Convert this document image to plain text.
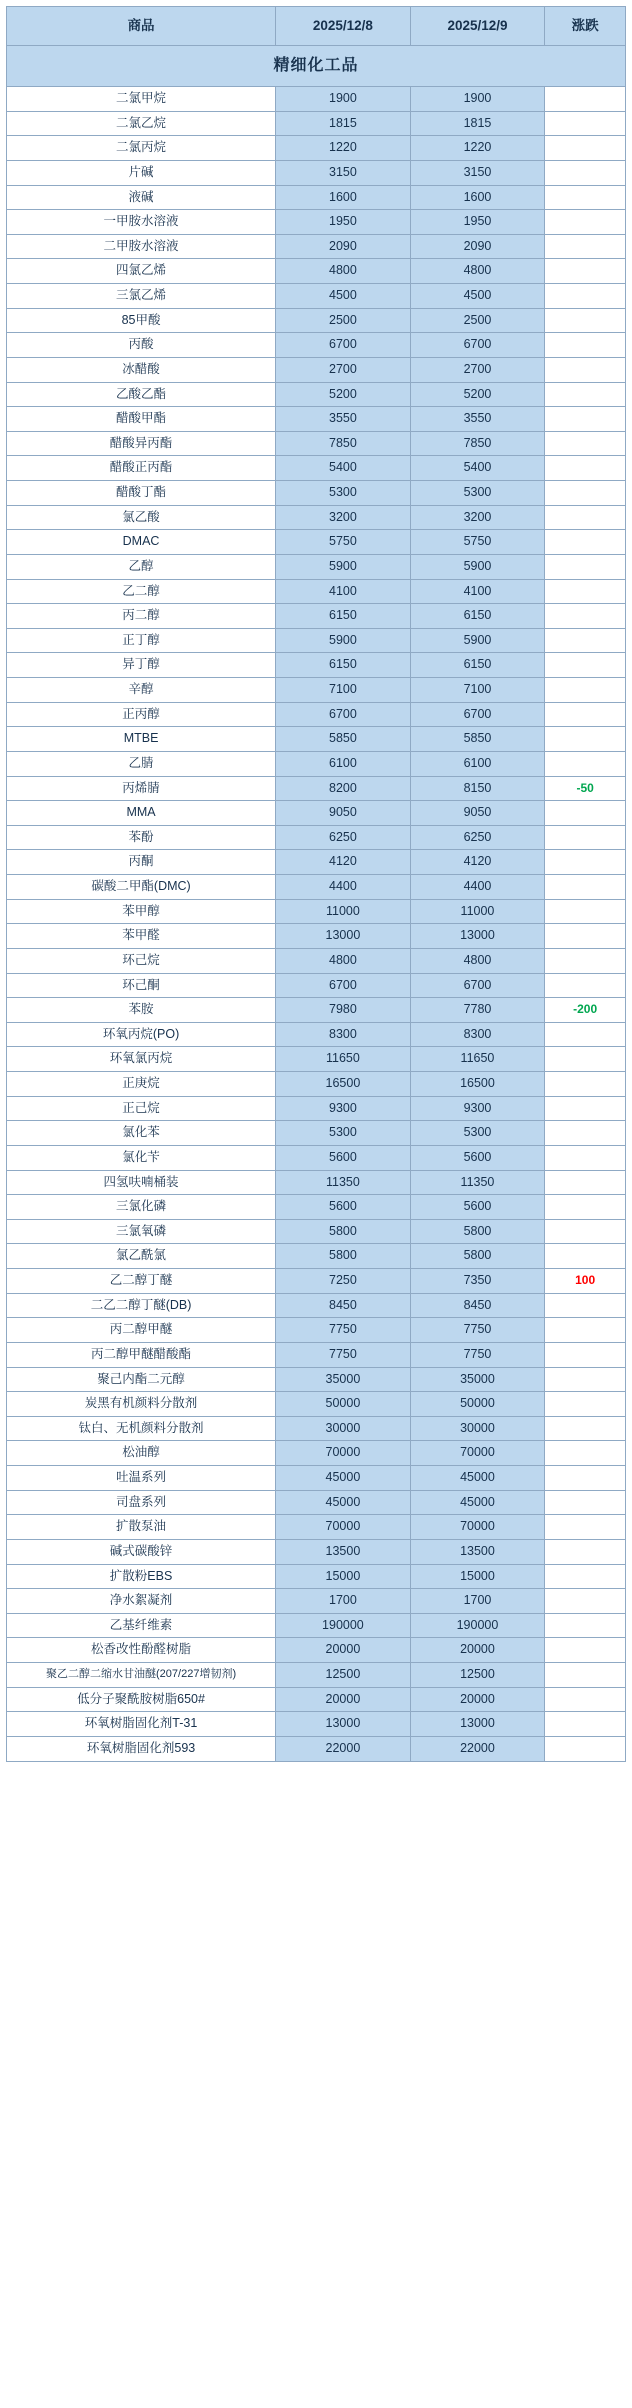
商品	2025/12/8	2025/12/9	涨跌
精细化工品			
二氯甲烷	1900	1900	
二氯乙烷	1815	1815	
二氯丙烷	1220	1220	
片碱	3150	3150	
液碱	1600	1600	
一甲胺水溶液	1950	1950	
二甲胺水溶液	2090	2090	
四氯乙烯	4800	4800	
三氯乙烯	4500	4500	
85甲酸	2500	2500	
丙酸	6700	6700	
冰醋酸	2700	2700	
乙酸乙酯	5200	5200	
醋酸甲酯	3550	3550	
醋酸异丙酯	7850	7850	
醋酸正丙酯	5400	5400	
醋酸丁酯	5300	5300	
氯乙酸	3200	3200	
DMAC	5750	5750	
乙醇	5900	5900	
乙二醇	4100	4100	
丙二醇	6150	6150	
正丁醇	5900	5900	
异丁醇	6150	6150	
辛醇	7100	7100	
正丙醇	6700	6700	
MTBE	5850	5850	
乙腈	6100	6100	
丙烯腈	8200	8150	-50
MMA	9050	9050	
苯酚	6250	6250	
丙酮	4120	4120	
碳酸二甲酯(DMC)	4400	4400	
苯甲醇	11000	11000	
苯甲醛	13000	13000	
环己烷	4800	4800	
环己酮	6700	6700	
苯胺	7980	7780	-200
环氧丙烷(PO)	8300	8300	
环氧氯丙烷	11650	11650	
正庚烷	16500	16500	
正己烷	9300	9300	
氯化苯	5300	5300	
氯化苄	5600	5600	
四氢呋喃桶装	11350	11350	
三氯化磷	5600	5600	
三氯氧磷	5800	5800	
氯乙酰氯	5800	5800	
乙二醇丁醚	7250	7350	100
二乙二醇丁醚(DB)	8450	8450	
丙二醇甲醚	7750	7750	
丙二醇甲醚醋酸酯	7750	7750	
聚己内酯二元醇	35000	35000	
炭黑有机颜料分散剂	50000	50000	
钛白、无机颜料分散剂	30000	30000	
松油醇	70000	70000	
吐温系列	45000	45000	
司盘系列	45000	45000	
扩散泵油	70000	70000	
碱式碳酸锌	13500	13500	
扩散粉EBS	15000	15000	
净水絮凝剂	1700	1700	
乙基纤维素	190000	190000	
松香改性酚醛树脂	20000	20000	
聚乙二醇二缩水甘油醚(207/227增韧剂)	12500	12500	
低分子聚酰胺树脂650#	20000	20000	
环氧树脂固化剂T-31	13000	13000	
环氧树脂固化剂593	22000	22000	
